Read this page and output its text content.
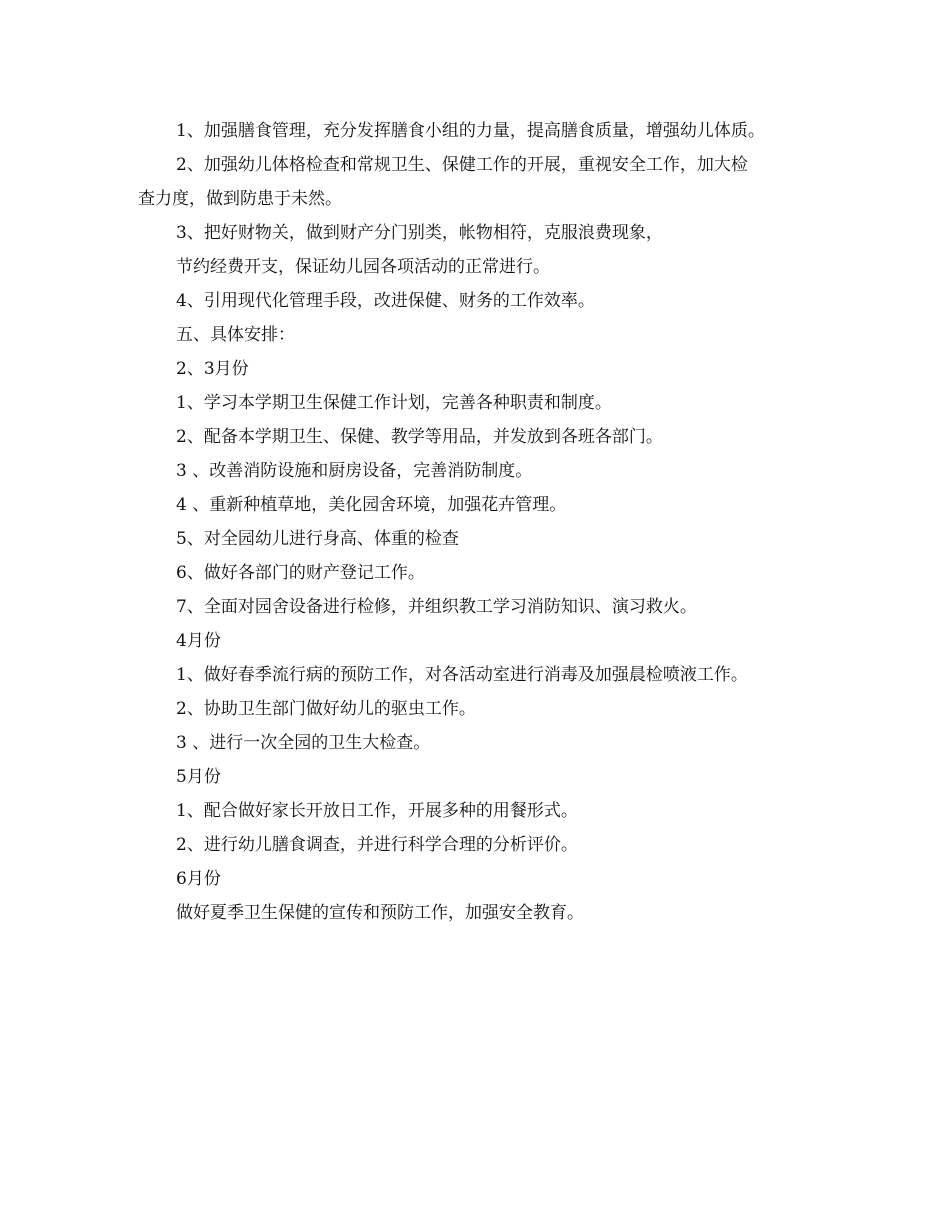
1、加强膳食管理，充分发挥膳食小组的力量，提高膳食质量，增强幼儿体质。
2、加强幼儿体格检查和常规卫生、保健工作的开展，重视安全工作，加大检
查力度，做到防患于未然。
3、把好财物关，做到财产分门别类，帐物相符，克服浪费现象，
节约经费开支，保证幼儿园各项活动的正常进行。
4、引用现代化管理手段，改进保健、财务的工作效率。
五、具体安排：
2、3月份
1、学习本学期卫生保健工作计划，完善各种职责和制度。
2、配备本学期卫生、保健、教学等用品，并发放到各班各部门。
3 、改善消防设施和厨房设备，完善消防制度。
4 、重新种植草地，美化园舍环境，加强花卉管理。
5、对全园幼儿进行身高、体重的检查
6、做好各部门的财产登记工作。
7、全面对园舍设备进行检修，并组织教工学习消防知识、演习救火。
4月份
1、做好春季流行病的预防工作，对各活动室进行消毒及加强晨检喷液工作。
2、协助卫生部门做好幼儿的驱虫工作。
3 、进行一次全园的卫生大检查。
5月份
1、配合做好家长开放日工作，开展多种的用餐形式。
2、进行幼儿膳食调查，并进行科学合理的分析评价。
6月份
做好夏季卫生保健的宣传和预防工作，加强安全教育。
